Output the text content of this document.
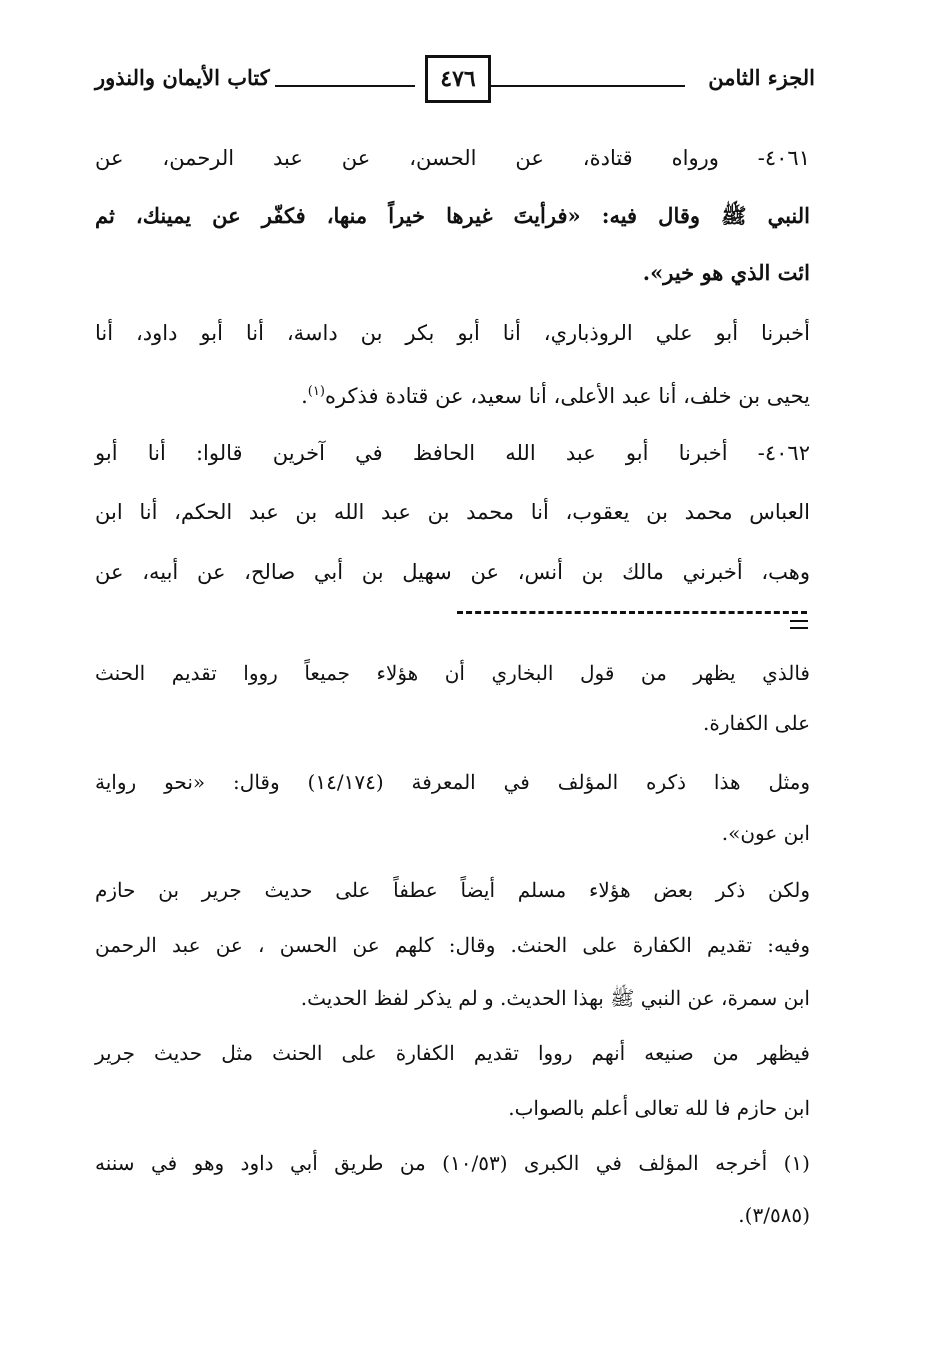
الجزء الثامن
٤٧٦
كتاب الأيمان والنذور
٤٠٦١- ورواه قتادة، عن الحسن، عن عبد الرحمن، عن
النبي ﷺ وقال فيه: «فرأيتَ غيرها خيراً منها، فكفّر عن يمينك، ثم
ائت الذي هو خير».
أخبرنا أبو علي الروذباري، أنا أبو بكر بن داسة، أنا أبو داود، أنا
يحيى بن خلف، أنا عبد الأعلى، أنا سعيد، عن قتادة فذكره$^{(١)}$.
٤٠٦٢- أخبرنا أبو عبد الله الحافظ في آخرين قالوا: أنا أبو
العباس محمد بن يعقوب، أنا محمد بن عبد الله بن عبد الحكم، أنا ابن
وهب، أخبرني مالك بن أنس، عن سهيل بن أبي صالح، عن أبيه، عن
فالذي يظهر من قول البخاري أن هؤلاء جميعاً رووا تقديم الحنث
على الكفارة.
ومثل هذا ذكره المؤلف في المعرفة (١٤/١٧٤) وقال: «نحو رواية
ابن عون».
ولكن ذكر بعض هؤلاء مسلم أيضاً عطفاً على حديث جرير بن حازم
وفيه: تقديم الكفارة على الحنث. وقال: كلهم عن الحسن ، عن عبد الرحمن
ابن سمرة، عن النبي ﷺ بهذا الحديث. و لم يذكر لفظ الحديث.
فيظهر من صنيعه أنهم رووا تقديم الكفارة على الحنث مثل حديث جرير
ابن حازم فا لله تعالى أعلم بالصواب.
(١) أخرجه المؤلف في الكبرى (١٠/٥٣) من طريق أبي داود وهو في سننه
(٣/٥٨٥).
